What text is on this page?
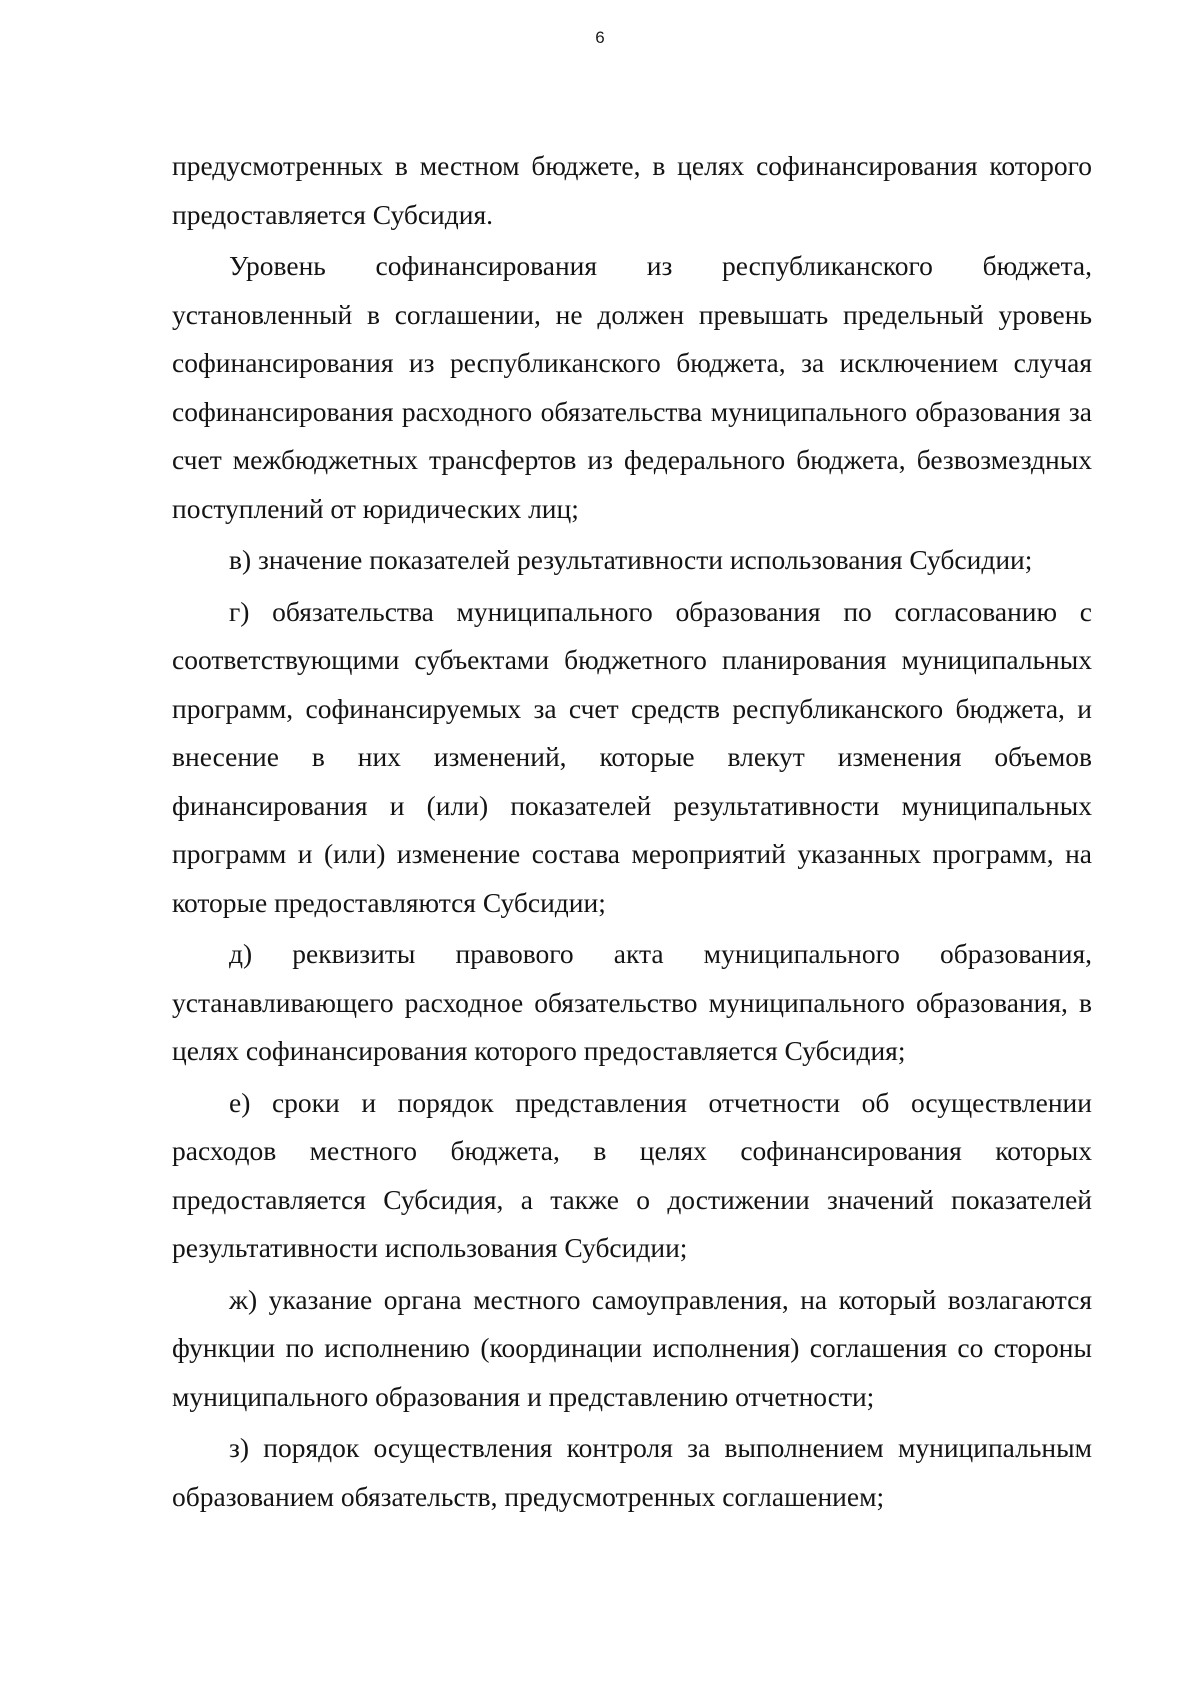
6

предусмотренных в местном бюджете, в целях софинансирования которого предоставляется Субсидия.

Уровень софинансирования из республиканского бюджета, установленный в соглашении, не должен превышать предельный уровень софинансирования из республиканского бюджета, за исключением случая софинансирования расходного обязательства муниципального образования за счет межбюджетных трансфертов из федерального бюджета, безвозмездных поступлений от юридических лиц;

в) значение показателей результативности использования Субсидии;

г) обязательства муниципального образования по согласованию с соответствующими субъектами бюджетного планирования муниципальных программ, софинансируемых за счет средств республиканского бюджета, и внесение в них изменений, которые влекут изменения объемов финансирования и (или) показателей результативности муниципальных программ и (или) изменение состава мероприятий указанных программ, на которые предоставляются Субсидии;

д) реквизиты правового акта муниципального образования, устанавливающего расходное обязательство муниципального образования, в целях софинансирования которого предоставляется Субсидия;

е) сроки и порядок представления отчетности об осуществлении расходов местного бюджета, в целях софинансирования которых предоставляется Субсидия, а также о достижении значений показателей результативности использования Субсидии;

ж) указание органа местного самоуправления, на который возлагаются функции по исполнению (координации исполнения) соглашения со стороны муниципального образования и представлению отчетности;

з) порядок осуществления контроля за выполнением муниципальным образованием обязательств, предусмотренных соглашением;
